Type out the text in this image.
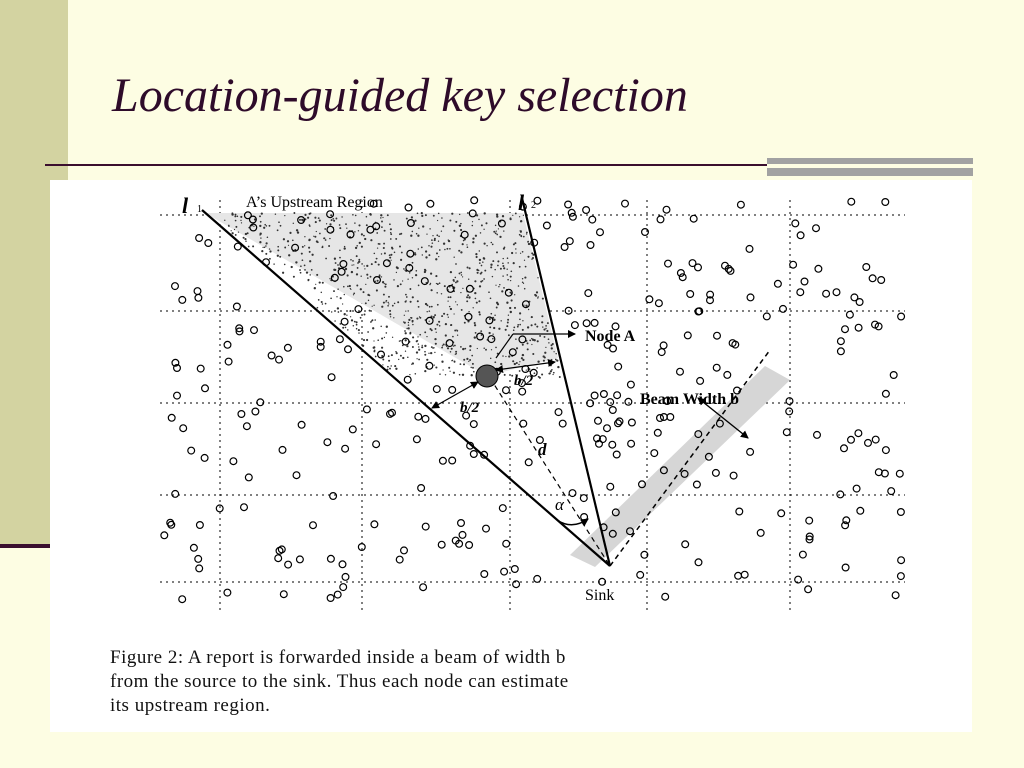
Location-guided key selection
l 1	l 2
A’s Upstream Region
Node A
b/2
b/2	Beam Width b
d
α
Sink
Figure 2: A report is forwarded inside a beam of width b
from the source to the sink. Thus each node can estimate
its upstream region.
